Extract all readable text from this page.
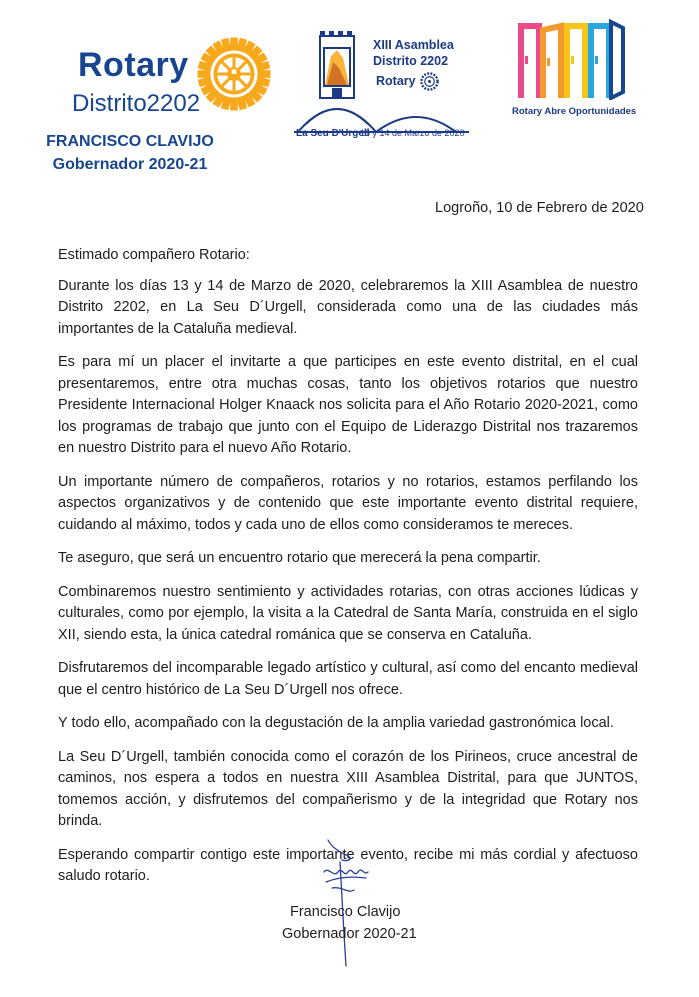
Rotary
Distrito2202
FRANCISCO CLAVIJO
Gobernador 2020-21
XIII Asamblea
Distrito 2202
Rotary
La Seu D'Urgell
13 y 14 de Marzo de 2020
Rotary Abre Oportunidades
Logroño, 10 de Febrero de 2020

Estimado compañero Rotario:

Durante los días 13 y 14 de Marzo de 2020, celebraremos la XIII Asamblea de nuestro Distrito 2202, en La Seu D´Urgell, considerada como una de las ciudades más importantes de la Cataluña medieval.

Es para mí un placer el invitarte a que participes en este evento distrital, en el cual presentaremos, entre otra muchas cosas, tanto los objetivos rotarios que nuestro Presidente Internacional Holger Knaack nos solicita para el Año Rotario 2020-2021, como los programas de trabajo que junto con el Equipo de Liderazgo Distrital nos trazaremos en nuestro Distrito para el nuevo Año Rotario.

Un importante número de compañeros, rotarios y no rotarios, estamos perfilando los aspectos organizativos y de contenido que este importante evento distrital requiere, cuidando al máximo, todos y cada uno de ellos como consideramos te mereces.

Te aseguro, que será un encuentro rotario que merecerá la pena compartir.

Combinaremos nuestro sentimiento y actividades rotarias, con otras acciones lúdicas y culturales, como por ejemplo, la visita a la Catedral de Santa María, construida en el siglo XII, siendo esta, la única catedral románica que se conserva en Cataluña.

Disfrutaremos del incomparable legado artístico y cultural, así como del encanto medieval que el centro histórico de La Seu D´Urgell nos ofrece.

Y todo ello, acompañado con la degustación de la amplia variedad gastronómica local.

La Seu D´Urgell, también conocida como el corazón de los Pirineos, cruce ancestral de caminos, nos espera a todos en nuestra XIII Asamblea Distrital, para que JUNTOS, tomemos acción, y disfrutemos del compañerismo y de la integridad que Rotary nos brinda.

Esperando compartir contigo este importante evento, recibe mi más cordial y afectuoso saludo rotario.

Francisco Clavijo
Gobernador 2020-21
